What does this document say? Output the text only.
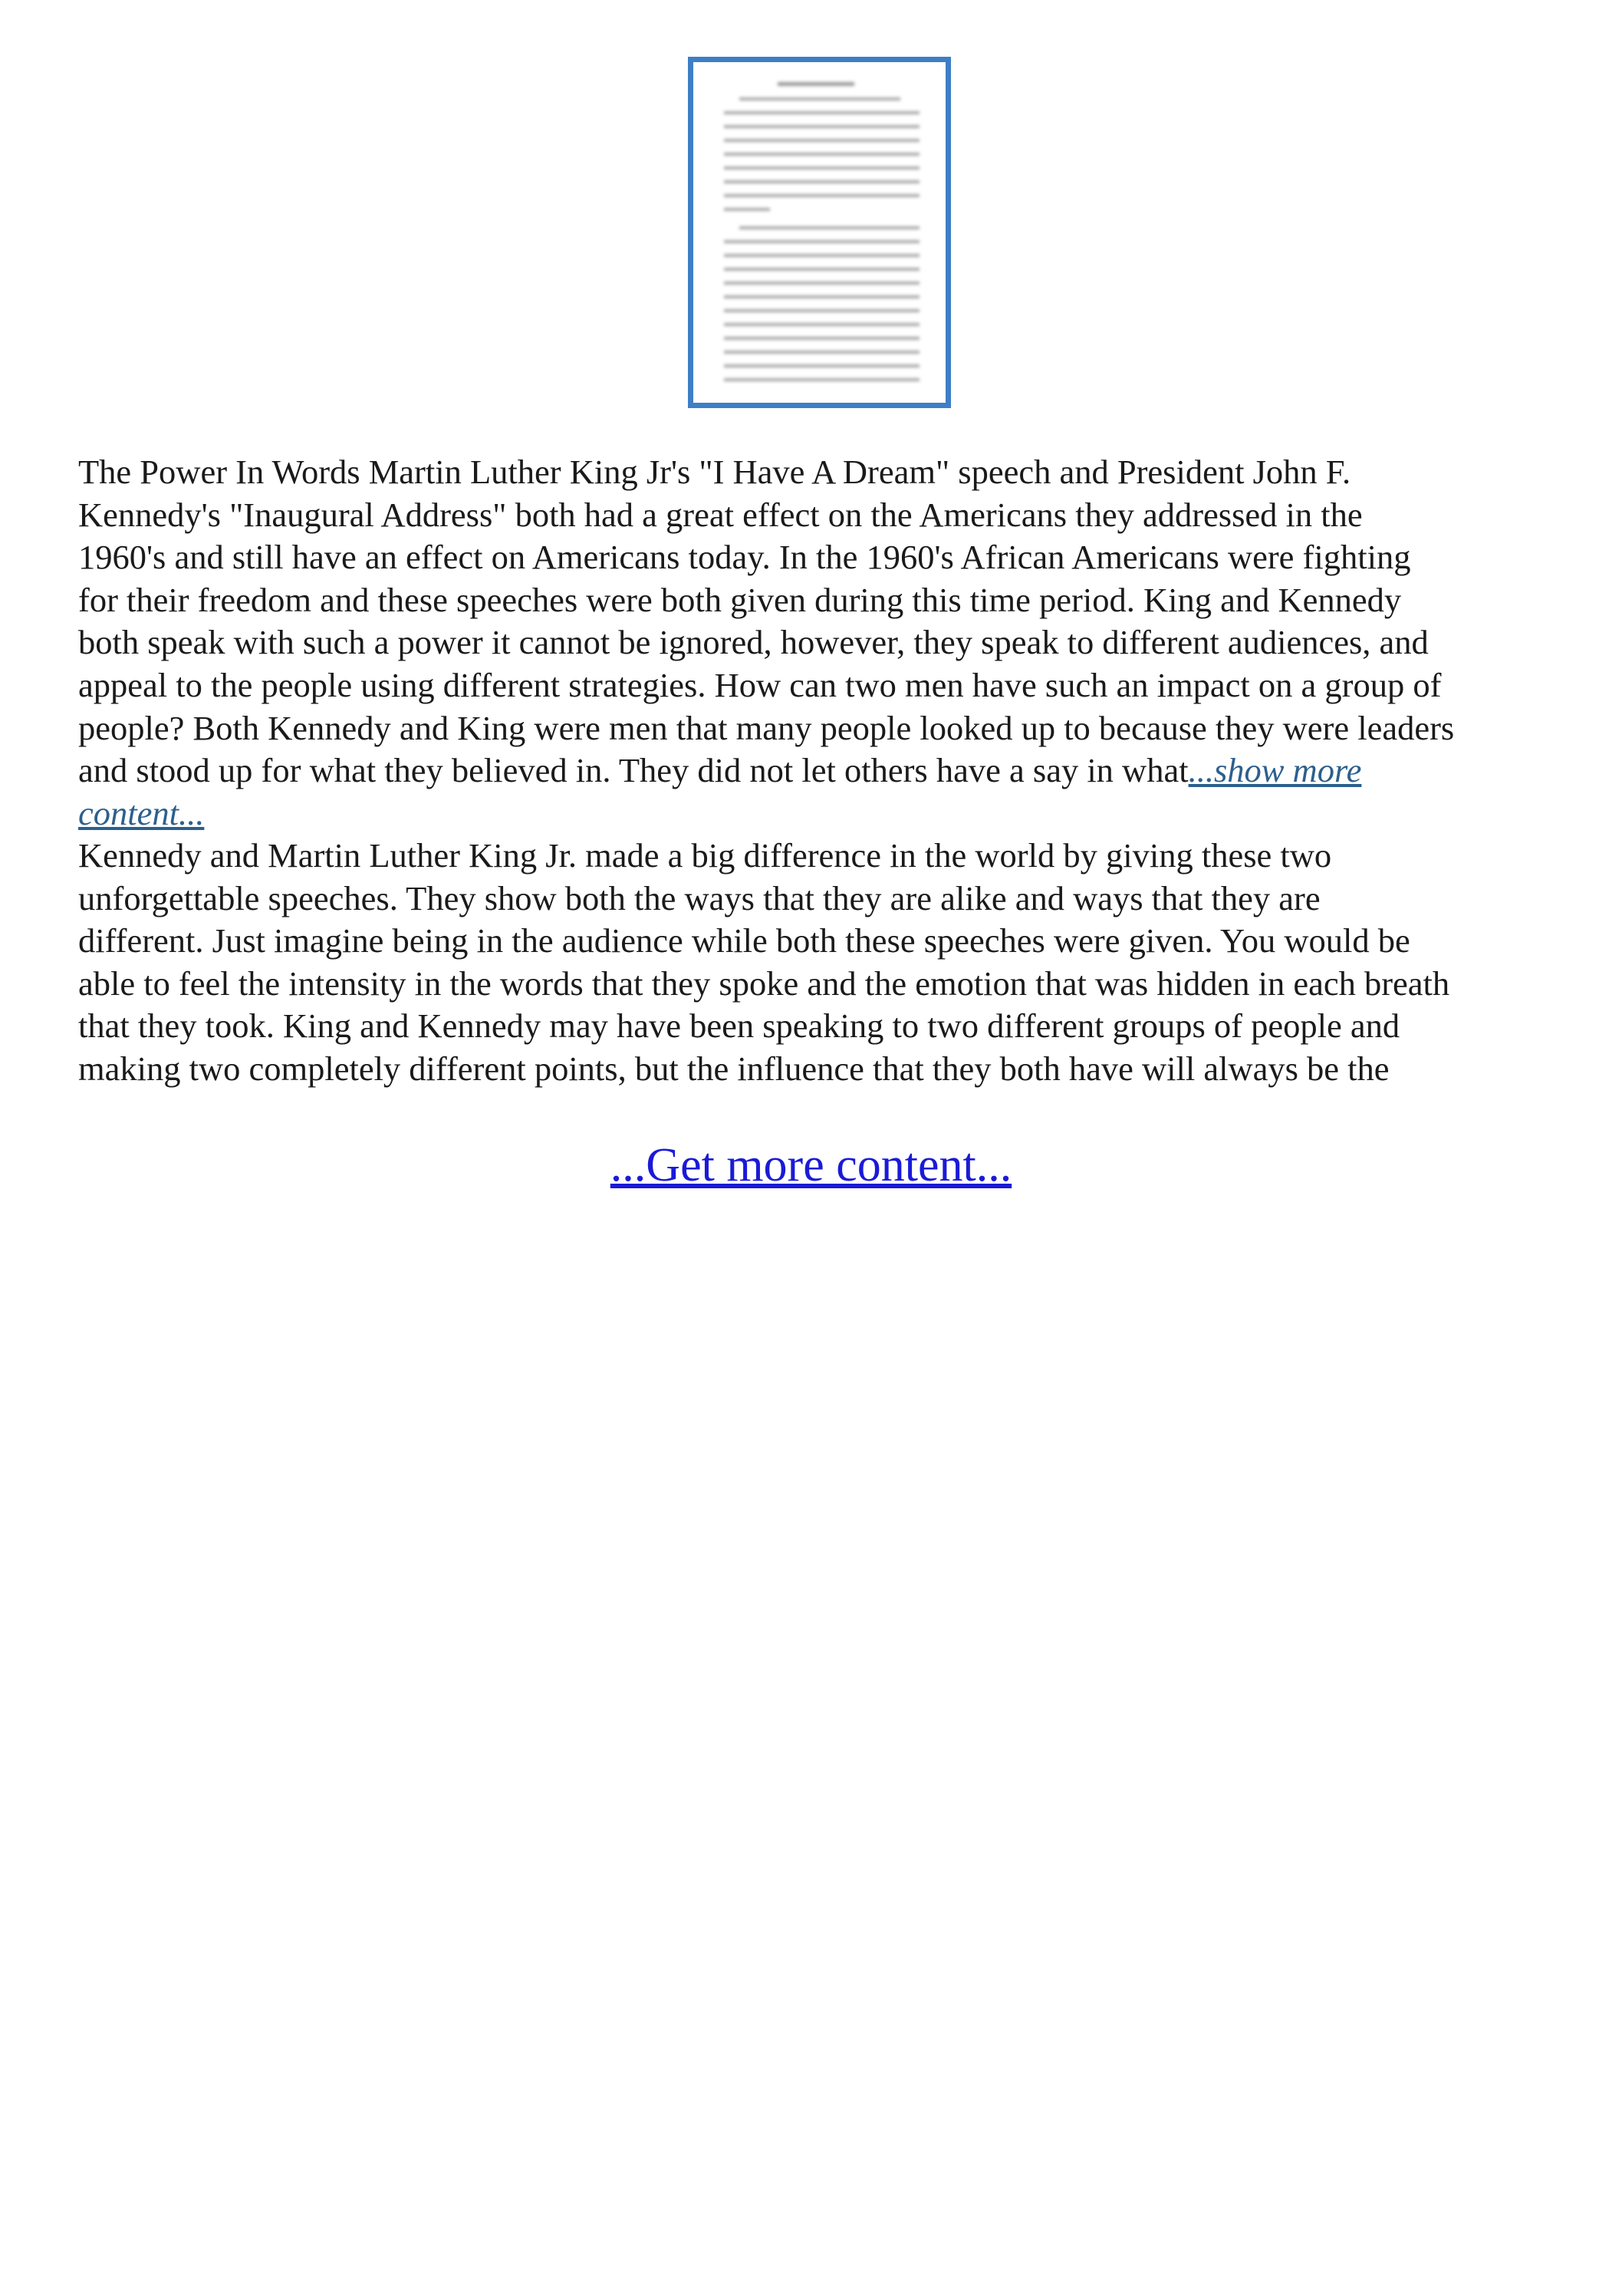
The Power In Words Martin Luther King Jr's "I Have A Dream" speech and President John F.
Kennedy's "Inaugural Address" both had a great effect on the Americans they addressed in the
1960's and still have an effect on Americans today. In the 1960's African Americans were fighting
for their freedom and these speeches were both given during this time period. King and Kennedy
both speak with such a power it cannot be ignored, however, they speak to different audiences, and
appeal to the people using different strategies. How can two men have such an impact on a group of
people? Both Kennedy and King were men that many people looked up to because they were leaders
and stood up for what they believed in. They did not let others have a say in what...show more
content...
Kennedy and Martin Luther King Jr. made a big difference in the world by giving these two
unforgettable speeches. They show both the ways that they are alike and ways that they are
different. Just imagine being in the audience while both these speeches were given. You would be
able to feel the intensity in the words that they spoke and the emotion that was hidden in each breath
that they took. King and Kennedy may have been speaking to two different groups of people and
making two completely different points, but the influence that they both have will always be the
...Get more content...
